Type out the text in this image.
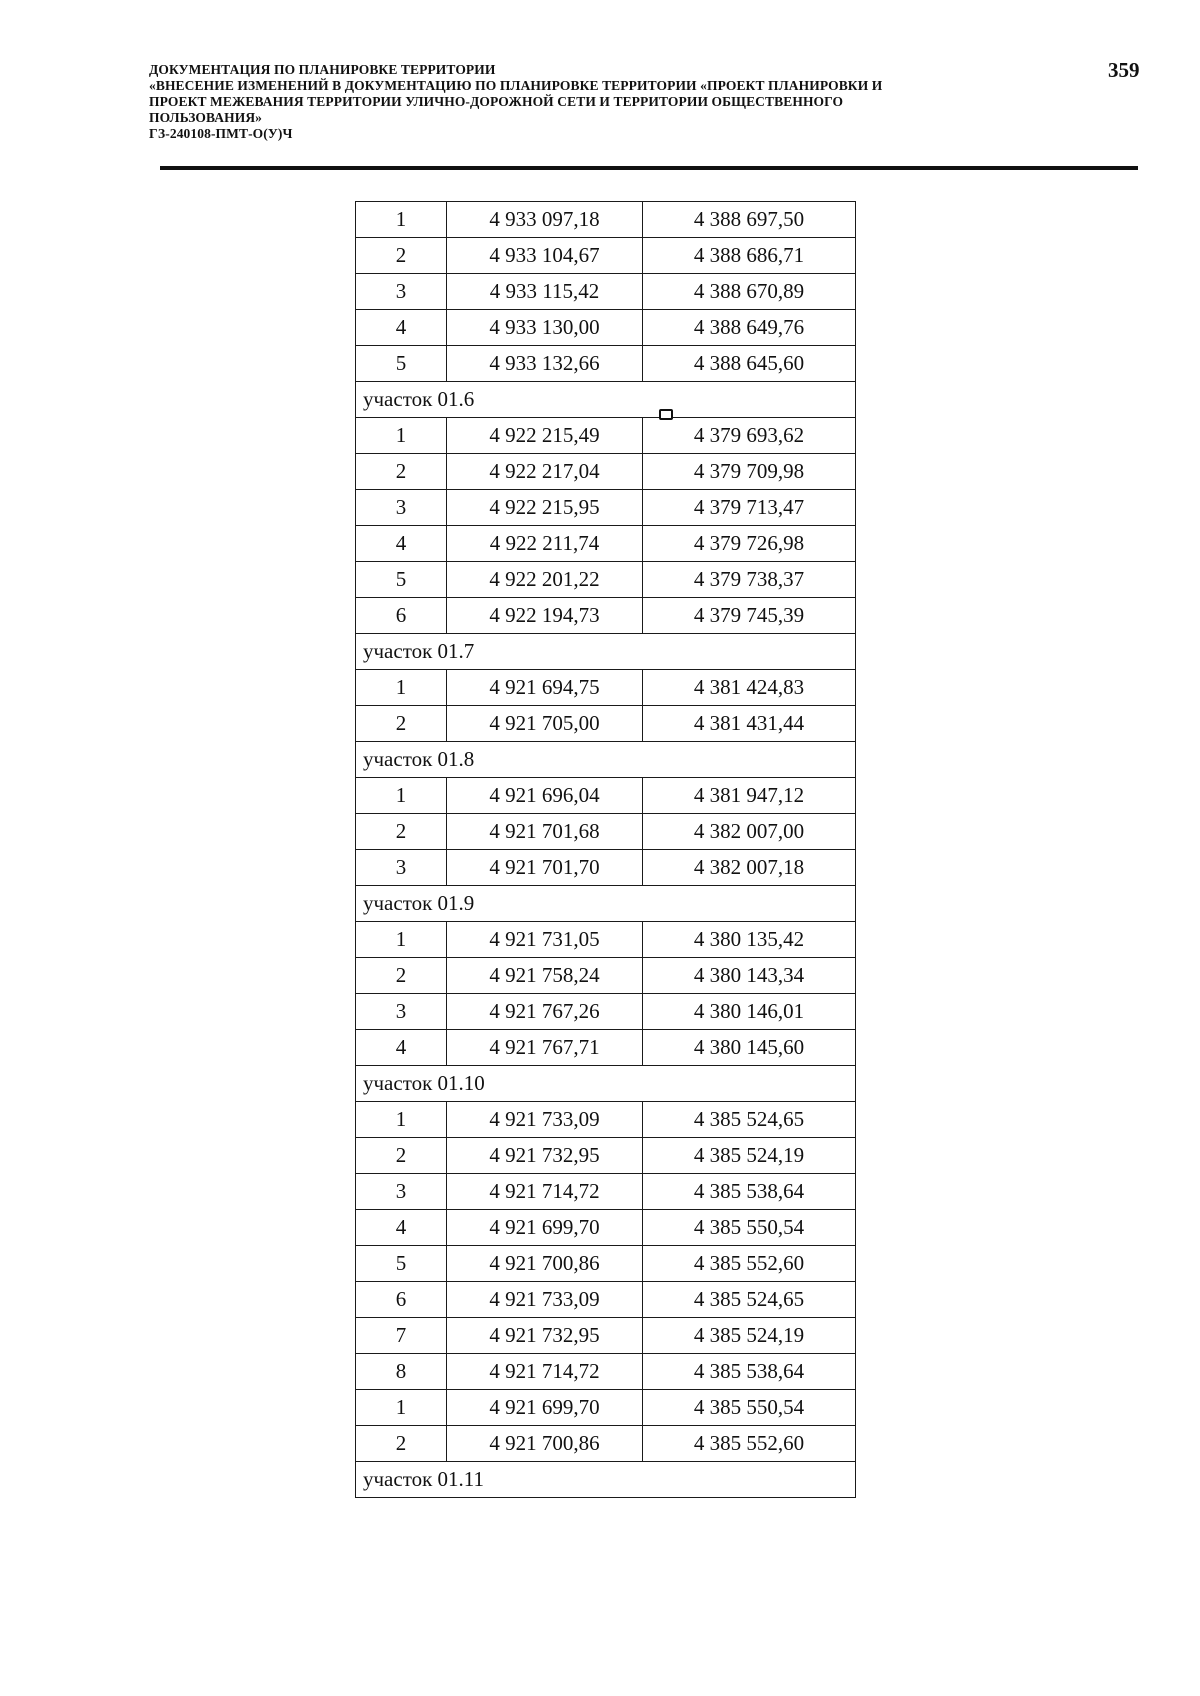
ДОКУМЕНТАЦИЯ ПО ПЛАНИРОВКЕ ТЕРРИТОРИИ
«ВНЕСЕНИЕ ИЗМЕНЕНИЙ В ДОКУМЕНТАЦИЮ ПО ПЛАНИРОВКЕ ТЕРРИТОРИИ «ПРОЕКТ ПЛАНИРОВКИ И
ПРОЕКТ МЕЖЕВАНИЯ ТЕРРИТОРИИ УЛИЧНО-ДОРОЖНОЙ СЕТИ И ТЕРРИТОРИИ ОБЩЕСТВЕННОГО
ПОЛЬЗОВАНИЯ»
ГЗ-240108-ПМТ-О(У)Ч
359
1	4 933 097,18	4 388 697,50
2	4 933 104,67	4 388 686,71
3	4 933 115,42	4 388 670,89
4	4 933 130,00	4 388 649,76
5	4 933 132,66	4 388 645,60
участок 01.6		
1	4 922 215,49	4 379 693,62
2	4 922 217,04	4 379 709,98
3	4 922 215,95	4 379 713,47
4	4 922 211,74	4 379 726,98
5	4 922 201,22	4 379 738,37
6	4 922 194,73	4 379 745,39
участок 01.7		
1	4 921 694,75	4 381 424,83
2	4 921 705,00	4 381 431,44
участок 01.8		
1	4 921 696,04	4 381 947,12
2	4 921 701,68	4 382 007,00
3	4 921 701,70	4 382 007,18
участок 01.9		
1	4 921 731,05	4 380 135,42
2	4 921 758,24	4 380 143,34
3	4 921 767,26	4 380 146,01
4	4 921 767,71	4 380 145,60
участок 01.10		
1	4 921 733,09	4 385 524,65
2	4 921 732,95	4 385 524,19
3	4 921 714,72	4 385 538,64
4	4 921 699,70	4 385 550,54
5	4 921 700,86	4 385 552,60
6	4 921 733,09	4 385 524,65
7	4 921 732,95	4 385 524,19
8	4 921 714,72	4 385 538,64
1	4 921 699,70	4 385 550,54
2	4 921 700,86	4 385 552,60
участок 01.11		
